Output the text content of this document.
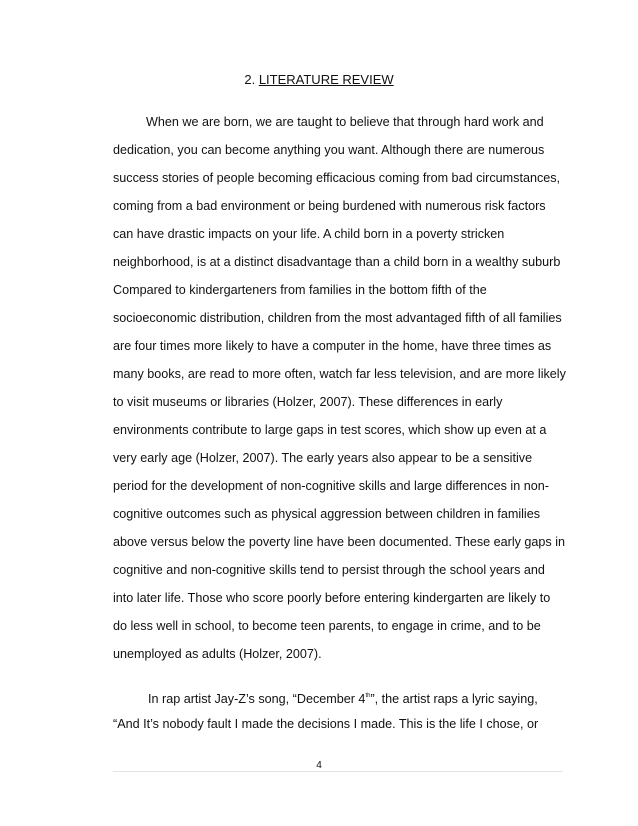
2. LITERATURE REVIEW
When we are born, we are taught to believe that through hard work and
dedication, you can become anything you want. Although there are numerous
success stories of people becoming efficacious coming from bad circumstances,
coming from a bad environment or being burdened with numerous risk factors
can have drastic impacts on your life. A child born in a poverty stricken
neighborhood, is at a distinct disadvantage than a child born in a wealthy suburb
Compared to kindergarteners from families in the bottom fifth of the
socioeconomic distribution, children from the most advantaged fifth of all families
are four times more likely to have a computer in the home, have three times as
many books, are read to more often, watch far less television, and are more likely
to visit museums or libraries (Holzer, 2007). These differences in early
environments contribute to large gaps in test scores, which show up even at a
very early age (Holzer, 2007). The early years also appear to be a sensitive
period for the development of non-cognitive skills and large differences in non-
cognitive outcomes such as physical aggression between children in families
above versus below the poverty line have been documented. These early gaps in
cognitive and non-cognitive skills tend to persist through the school years and
into later life. Those who score poorly before entering kindergarten are likely to
do less well in school, to become teen parents, to engage in crime, and to be
unemployed as adults (Holzer, 2007).
In rap artist Jay-Z’s song, “December 4th”, the artist raps a lyric saying,
“And It’s nobody fault I made the decisions I made. This is the life I chose, or
4
